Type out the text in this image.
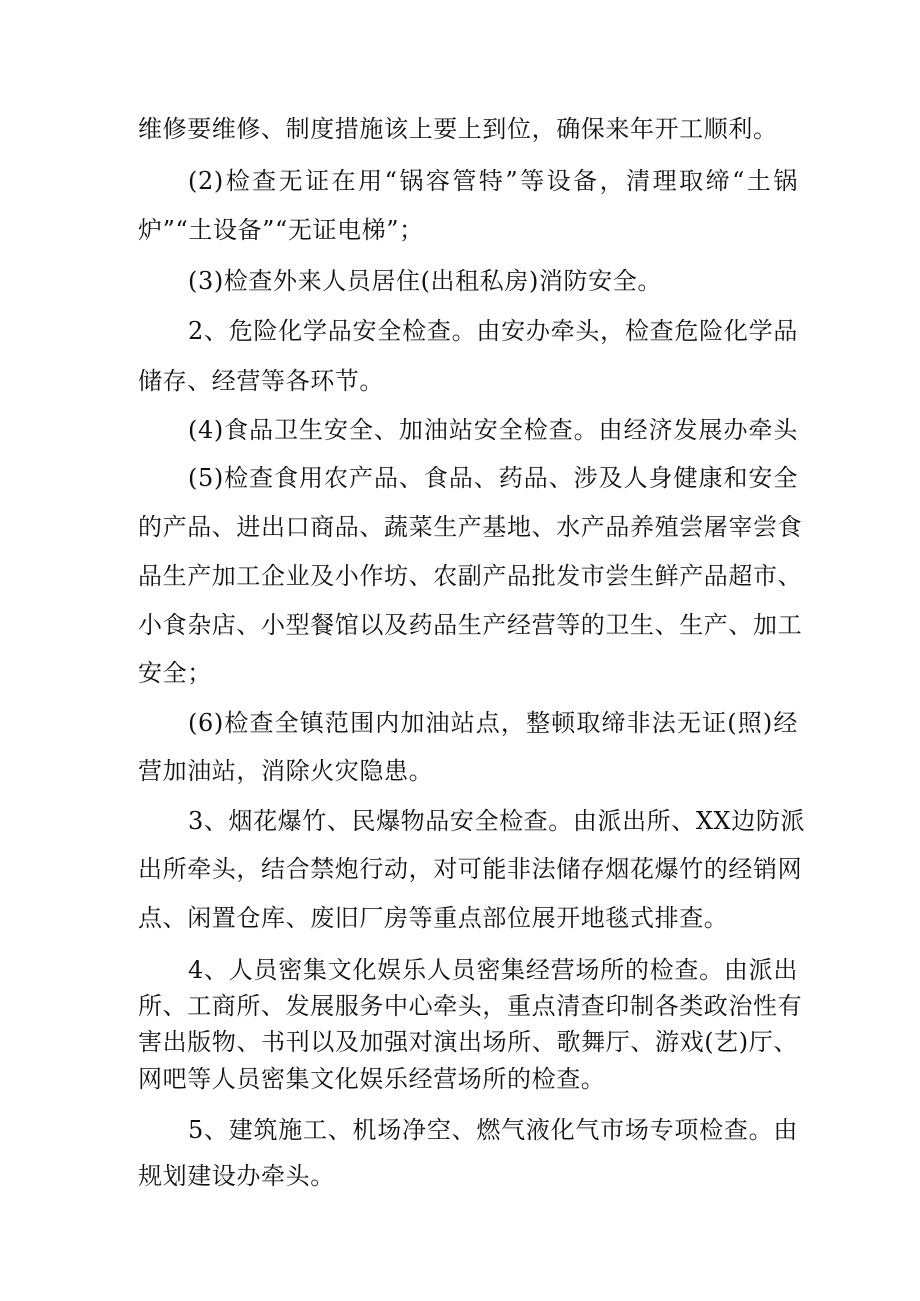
维修要维修、制度措施该上要上到位，确保来年开工顺利。
(2)检查无证在用“锅容管特”等设备，清理取缔“土锅
炉”“土设备”“无证电梯”；
(3)检查外来人员居住(出租私房)消防安全。
2、危险化学品安全检查。由安办牵头，检查危险化学品
储存、经营等各环节。
(4)食品卫生安全、加油站安全检查。由经济发展办牵头
(5)检查食用农产品、食品、药品、涉及人身健康和安全
的产品、进出口商品、蔬菜生产基地、水产品养殖尝屠宰尝食
品生产加工企业及小作坊、农副产品批发市尝生鲜产品超市、
小食杂店、小型餐馆以及药品生产经营等的卫生、生产、加工
安全；
(6)检查全镇范围内加油站点，整顿取缔非法无证(照)经
营加油站，消除火灾隐患。
3、烟花爆竹、民爆物品安全检查。由派出所、XX边防派
出所牵头，结合禁炮行动，对可能非法储存烟花爆竹的经销网
点、闲置仓库、废旧厂房等重点部位展开地毯式排查。
4、人员密集文化娱乐人员密集经营场所的检查。由派出
所、工商所、发展服务中心牵头，重点清查印制各类政治性有
害出版物、书刊以及加强对演出场所、歌舞厅、游戏(艺)厅、
网吧等人员密集文化娱乐经营场所的检查。
5、建筑施工、机场净空、燃气液化气市场专项检查。由
规划建设办牵头。
